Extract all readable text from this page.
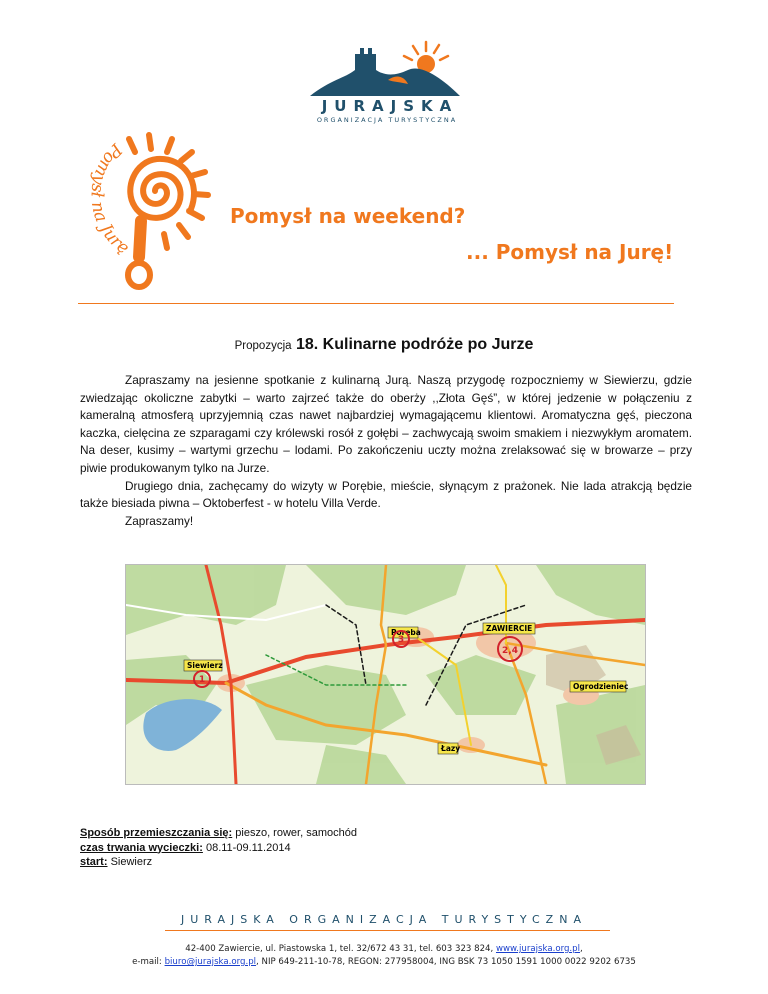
JURAJSKA
ORGANIZACJA TURYSTYCZNA
Pomysł na Jurę
Pomysł na weekend?
... Pomysł na Jurę!
Propozycja 18. Kulinarne podróże po Jurze

Zapraszamy na jesienne spotkanie z kulinarną Jurą. Naszą przygodę rozpoczniemy w Siewierzu, gdzie zwiedzając okoliczne zabytki – warto zajrzeć także do oberży ,,Złota Gęś”, w której jedzenie w połączeniu z kameralną atmosferą uprzyjemnią czas nawet najbardziej wymagającemu klientowi. Aromatyczna gęś, pieczona kaczka, cielęcina ze szparagami czy królewski rosół z gołębi – zachwycają swoim smakiem i niezwykłym aromatem. Na deser, kusimy – wartymi grzechu – lodami. Po zakończeniu uczty można zrelaksować się w browarze – przy piwie produkowanym tylko na Jurze.

Drugiego dnia, zachęcamy do wizyty w Porębie, mieście, słynącym z prażonek. Nie lada atrakcją będzie także biesiada piwna – Oktoberfest - w hotelu Villa Verde.

Zapraszamy!

Siewierz
Poręba	ZAWIERCIE
Ogrodzieniec
Łazy
1
3
2,4
Sposób przemieszczania się: pieszo, rower, samochód
czas trwania wycieczki: 08.11-09.11.2014
start: Siewierz
JURAJSKA ORGANIZACJA TURYSTYCZNA
42-400 Zawiercie, ul. Piastowska 1, tel. 32/672 43 31, tel. 603 323 824, www.jurajska.org.pl,
e-mail: biuro@jurajska.org.pl, NIP 649-211-10-78, REGON: 277958004, ING BSK 73 1050 1591 1000 0022 9202 6735
